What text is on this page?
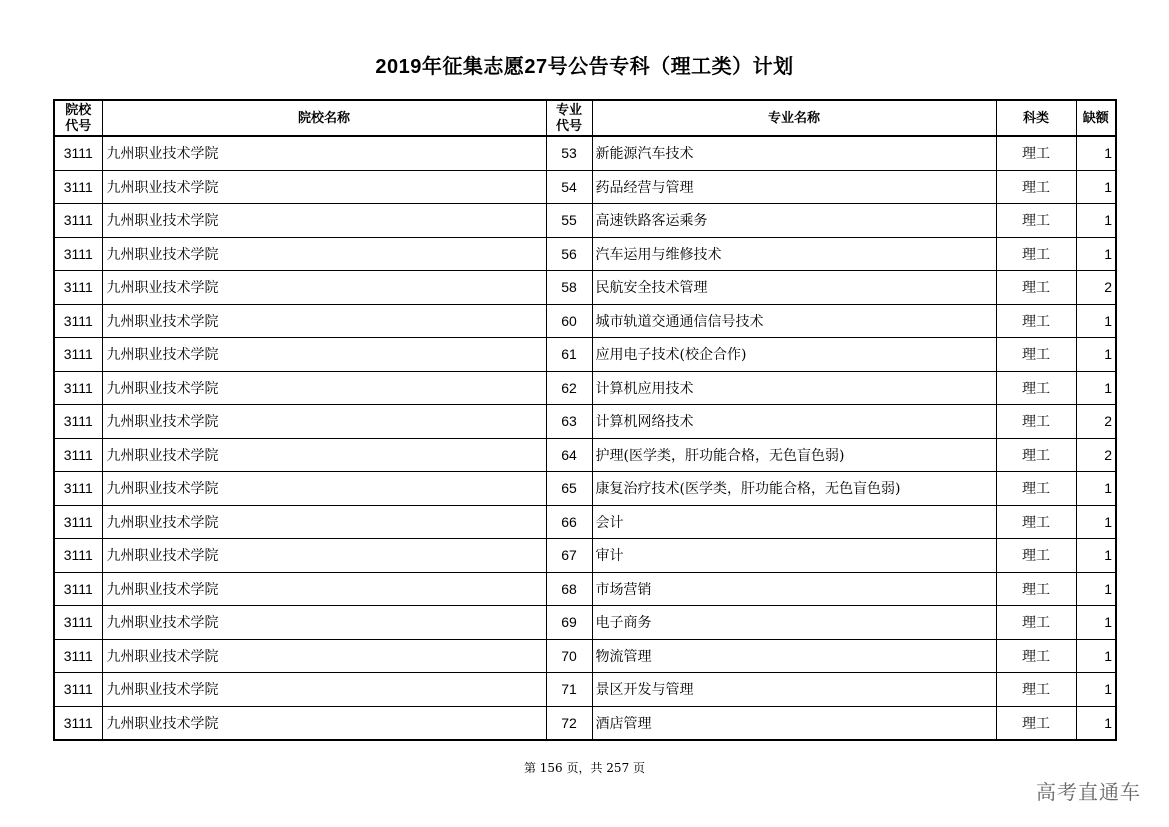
2019年征集志愿27号公告专科（理工类）计划
院校代号	院校名称	专业代号	专业名称	科类	缺额
3111	九州职业技术学院	53	新能源汽车技术	理工	1
3111	九州职业技术学院	54	药品经营与管理	理工	1
3111	九州职业技术学院	55	高速铁路客运乘务	理工	1
3111	九州职业技术学院	56	汽车运用与维修技术	理工	1
3111	九州职业技术学院	58	民航安全技术管理	理工	2
3111	九州职业技术学院	60	城市轨道交通通信信号技术	理工	1
3111	九州职业技术学院	61	应用电子技术(校企合作)	理工	1
3111	九州职业技术学院	62	计算机应用技术	理工	1
3111	九州职业技术学院	63	计算机网络技术	理工	2
3111	九州职业技术学院	64	护理(医学类，肝功能合格，无色盲色弱)	理工	2
3111	九州职业技术学院	65	康复治疗技术(医学类，肝功能合格，无色盲色弱)	理工	1
3111	九州职业技术学院	66	会计	理工	1
3111	九州职业技术学院	67	审计	理工	1
3111	九州职业技术学院	68	市场营销	理工	1
3111	九州职业技术学院	69	电子商务	理工	1
3111	九州职业技术学院	70	物流管理	理工	1
3111	九州职业技术学院	71	景区开发与管理	理工	1
3111	九州职业技术学院	72	酒店管理	理工	1
第 156 页，共 257 页
高考直通车
